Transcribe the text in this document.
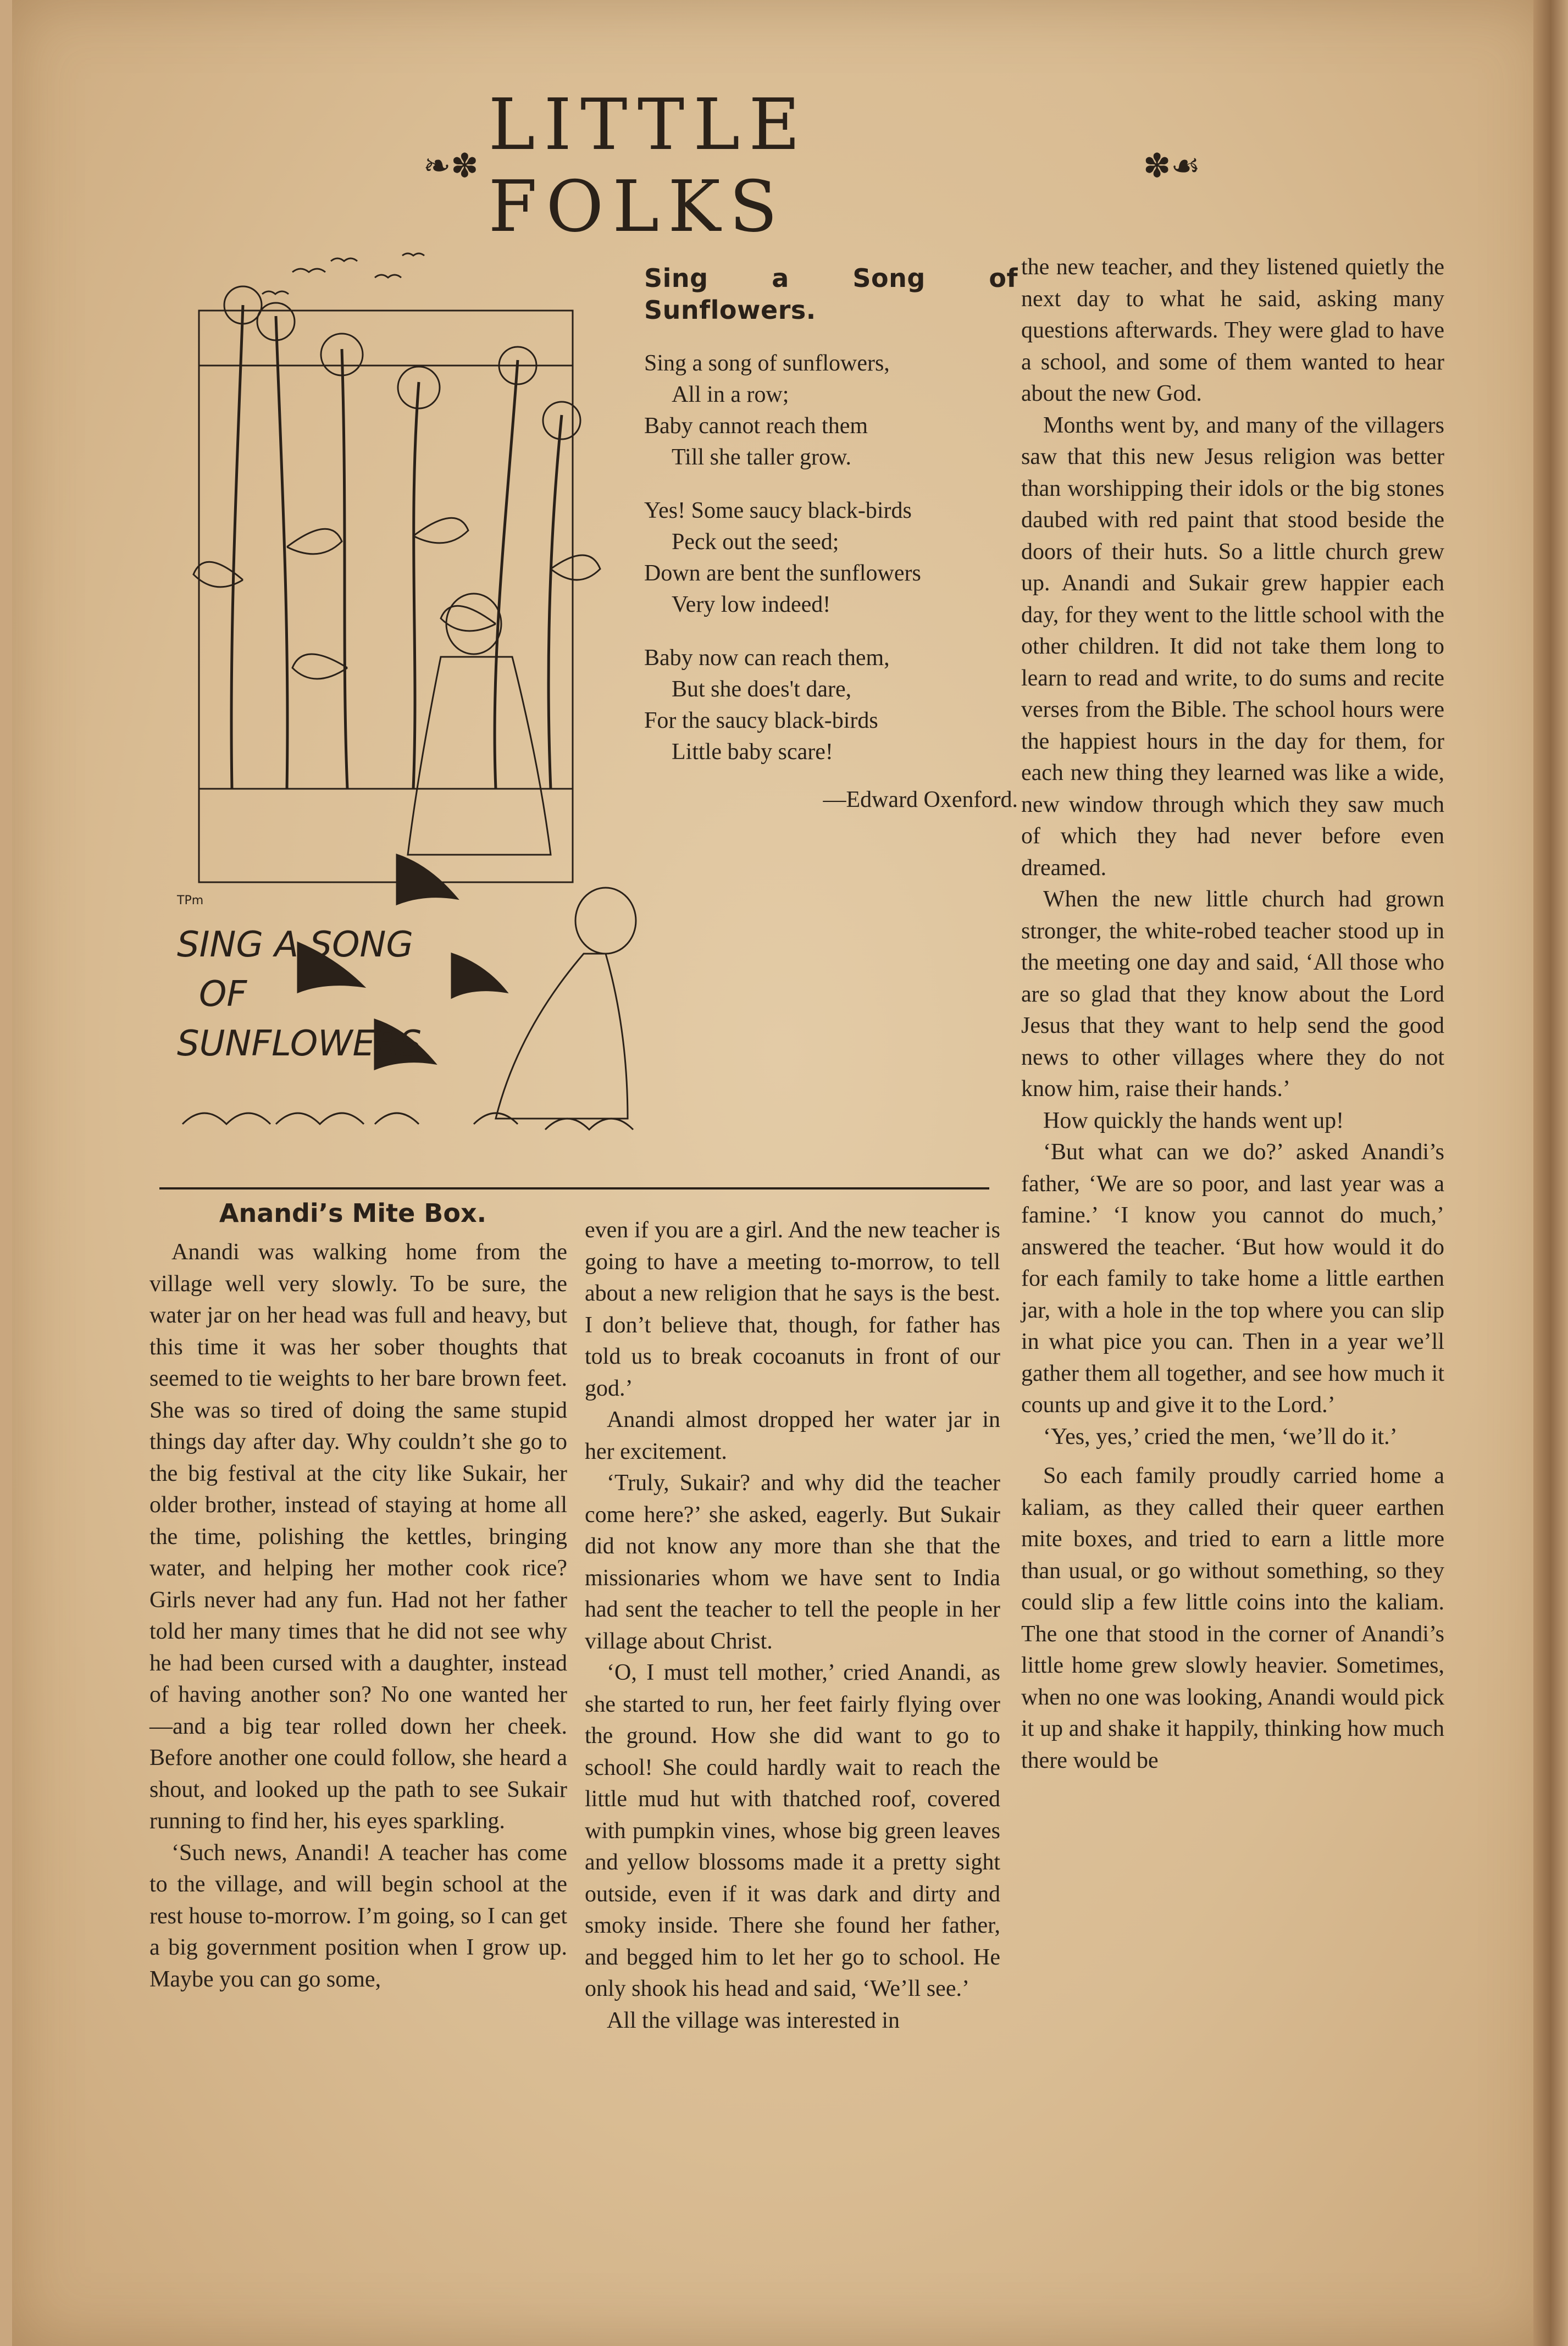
❧✽ LITTLE FOLKS	✽☙
TPm
SING A SONG
OF
SUNFLOWERS
Sing a Song of Sunflowers.
Sing a song of sunflowers,
All in a row;
Baby cannot reach them
Till she taller grow.
Yes! Some saucy black-birds
Peck out the seed;
Down are bent the sunflowers
Very low indeed!
Baby now can reach them,
But she does't dare,
For the saucy black-birds
Little baby scare!
—Edward Oxenford.
Anandi’s Mite Box.

Anandi was walking home from the village well very slowly. To be sure, the water jar on her head was full and heavy, but this time it was her sober thoughts that seemed to tie weights to her bare brown feet. She was so tired of doing the same stupid things day after day. Why couldn’t she go to the big festival at the city like Sukair, her older brother, instead of staying at home all the time, polishing the kettles, bringing water, and helping her mother cook rice? Girls never had any fun. Had not her father told her many times that he did not see why he had been cursed with a daughter, instead of having another son? No one wanted her —and a big tear rolled down her cheek. Before another one could follow, she heard a shout, and looked up the path to see Sukair running to find her, his eyes sparkling.

‘Such news, Anandi! A teacher has come to the village, and will begin school at the rest house to-morrow. I’m going, so I can get a big government position when I grow up. Maybe you can go some,

even if you are a girl. And the new teacher is going to have a meeting to-morrow, to tell about a new religion that he says is the best. I don’t believe that, though, for father has told us to break cocoanuts in front of our god.’

Anandi almost dropped her water jar in her excitement.

‘Truly, Sukair? and why did the teacher come here?’ she asked, eagerly. But Sukair did not know any more than she that the missionaries whom we have sent to India had sent the teacher to tell the people in her village about Christ.

‘O, I must tell mother,’ cried Anandi, as she started to run, her feet fairly flying over the ground. How she did want to go to school! She could hardly wait to reach the little mud hut with thatched roof, covered with pumpkin vines, whose big green leaves and yellow blossoms made it a pretty sight outside, even if it was dark and dirty and smoky inside. There she found her father, and begged him to let her go to school. He only shook his head and said, ‘We’ll see.’

All the village was interested in

the new teacher, and they listened quietly the next day to what he said, asking many questions afterwards. They were glad to have a school, and some of them wanted to hear about the new God.

Months went by, and many of the villagers saw that this new Jesus religion was better than worshipping their idols or the big stones daubed with red paint that stood beside the doors of their huts. So a little church grew up. Anandi and Sukair grew happier each day, for they went to the little school with the other children. It did not take them long to learn to read and write, to do sums and recite verses from the Bible. The school hours were the happiest hours in the day for them, for each new thing they learned was like a wide, new window through which they saw much of which they had never before even dreamed.

When the new little church had grown stronger, the white-robed teacher stood up in the meeting one day and said, ‘All those who are so glad that they know about the Lord Jesus that they want to help send the good news to other villages where they do not know him, raise their hands.’

How quickly the hands went up!

‘But what can we do?’ asked Anandi’s father, ‘We are so poor, and last year was a famine.’ ‘I know you cannot do much,’ answered the teacher. ‘But how would it do for each family to take home a little earthen jar, with a hole in the top where you can slip in what pice you can. Then in a year we’ll gather them all together, and see how much it counts up and give it to the Lord.’

‘Yes, yes,’ cried the men, ‘we’ll do it.’

So each family proudly carried home a kaliam, as they called their queer earthen mite boxes, and tried to earn a little more than usual, or go without something, so they could slip a few little coins into the kaliam. The one that stood in the corner of Anandi’s little home grew slowly heavier. Sometimes, when no one was looking, Anandi would pick it up and shake it happily, thinking how much there would be
